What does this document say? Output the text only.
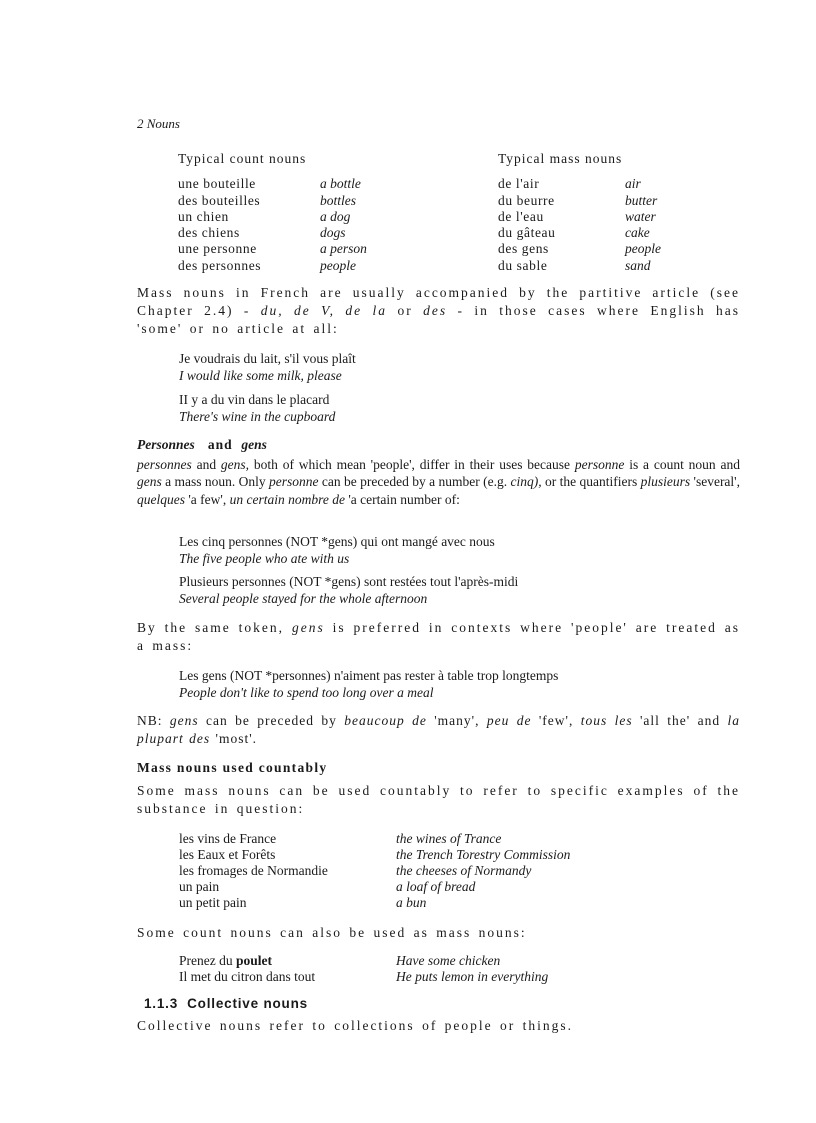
2 Nouns
Typical count nouns
une bouteille	a bottle
des bouteilles	bottles
un chien	a dog
des chiens	dogs
une personne	a person
des personnes	people
Typical mass nouns
de l'air	air
du beurre	butter
de l'eau	water
du gâteau	cake
des gens	people
du sable	sand
Mass nouns in French are usually accompanied by the partitive article (see Chapter 2.4) - du, de V, de la or des - in those cases where English has 'some' or no article at all:
Je voudrais du lait, s'il vous plaît
I would like some milk, please
II y a du vin dans le placard
There's wine in the cupboard
Personnes and gens
personnes and gens, both of which mean 'people', differ in their uses because personne is a count noun and gens a mass noun. Only personne can be preceded by a number (e.g. cinq), or the quantifiers plusieurs 'several', quelques 'a few', un certain nombre de 'a certain number of:
Les cinq personnes (NOT *gens) qui ont mangé avec nous
The five people who ate with us
Plusieurs personnes (NOT *gens) sont restées tout l'après-midi
Several people stayed for the whole afternoon
By the same token, gens is preferred in contexts where 'people' are treated as a mass:
Les gens (NOT *personnes) n'aiment pas rester à table trop longtemps
People don't like to spend too long over a meal
NB: gens can be preceded by beaucoup de 'many', peu de 'few', tous les 'all the' and la plupart des 'most'.
Mass nouns used countably
Some mass nouns can be used countably to refer to specific examples of the substance in question:
les vins de France	the wines of Trance
les Eaux et Forêts	the Trench Torestry Commission
les fromages de Normandie	the cheeses of Normandy
un pain	a loaf of bread
un petit pain	a bun
Some count nouns can also be used as mass nouns:
Prenez du poulet	Have some chicken
Il met du citron dans tout	He puts lemon in everything
1.1.3  Collective nouns
Collective nouns refer to collections of people or things.
